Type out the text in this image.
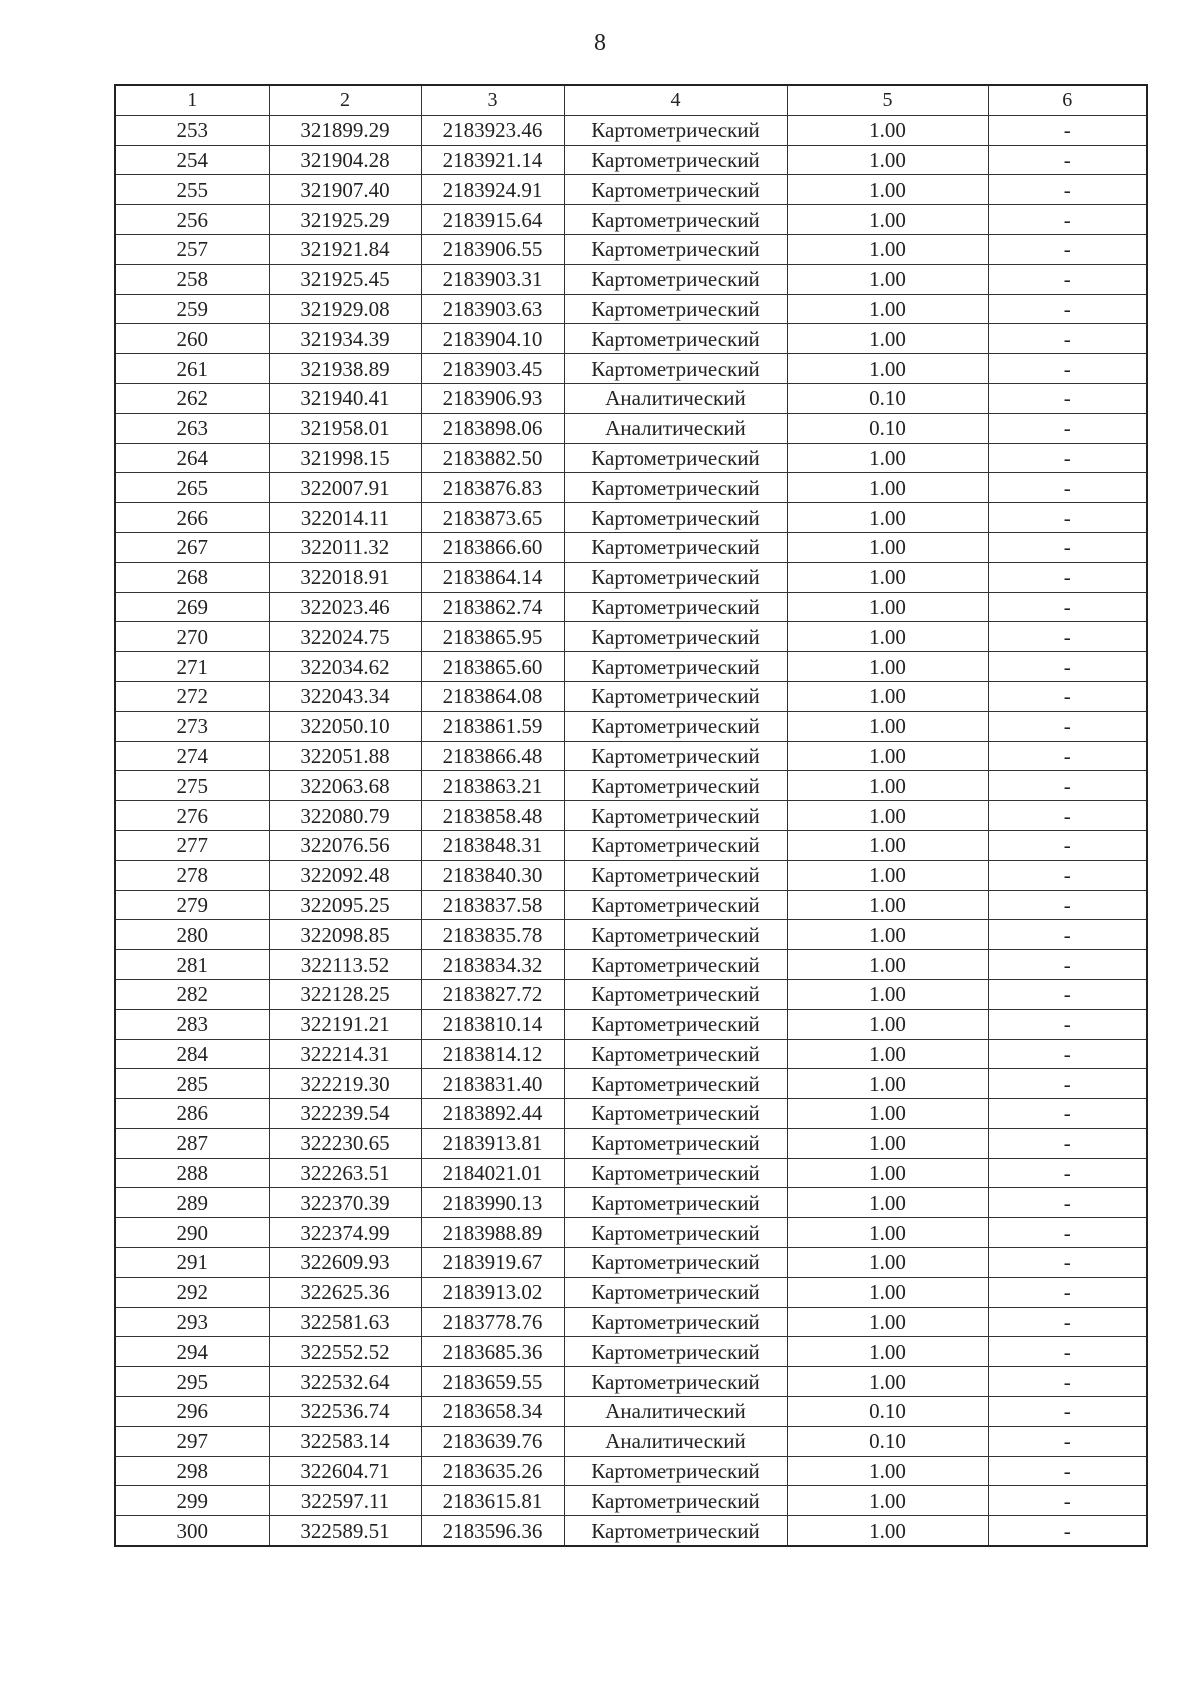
8
1	2	3	4	5	6
253	321899.29	2183923.46	Картометрический	1.00	-
254	321904.28	2183921.14	Картометрический	1.00	-
255	321907.40	2183924.91	Картометрический	1.00	-
256	321925.29	2183915.64	Картометрический	1.00	-
257	321921.84	2183906.55	Картометрический	1.00	-
258	321925.45	2183903.31	Картометрический	1.00	-
259	321929.08	2183903.63	Картометрический	1.00	-
260	321934.39	2183904.10	Картометрический	1.00	-
261	321938.89	2183903.45	Картометрический	1.00	-
262	321940.41	2183906.93	Аналитический	0.10	-
263	321958.01	2183898.06	Аналитический	0.10	-
264	321998.15	2183882.50	Картометрический	1.00	-
265	322007.91	2183876.83	Картометрический	1.00	-
266	322014.11	2183873.65	Картометрический	1.00	-
267	322011.32	2183866.60	Картометрический	1.00	-
268	322018.91	2183864.14	Картометрический	1.00	-
269	322023.46	2183862.74	Картометрический	1.00	-
270	322024.75	2183865.95	Картометрический	1.00	-
271	322034.62	2183865.60	Картометрический	1.00	-
272	322043.34	2183864.08	Картометрический	1.00	-
273	322050.10	2183861.59	Картометрический	1.00	-
274	322051.88	2183866.48	Картометрический	1.00	-
275	322063.68	2183863.21	Картометрический	1.00	-
276	322080.79	2183858.48	Картометрический	1.00	-
277	322076.56	2183848.31	Картометрический	1.00	-
278	322092.48	2183840.30	Картометрический	1.00	-
279	322095.25	2183837.58	Картометрический	1.00	-
280	322098.85	2183835.78	Картометрический	1.00	-
281	322113.52	2183834.32	Картометрический	1.00	-
282	322128.25	2183827.72	Картометрический	1.00	-
283	322191.21	2183810.14	Картометрический	1.00	-
284	322214.31	2183814.12	Картометрический	1.00	-
285	322219.30	2183831.40	Картометрический	1.00	-
286	322239.54	2183892.44	Картометрический	1.00	-
287	322230.65	2183913.81	Картометрический	1.00	-
288	322263.51	2184021.01	Картометрический	1.00	-
289	322370.39	2183990.13	Картометрический	1.00	-
290	322374.99	2183988.89	Картометрический	1.00	-
291	322609.93	2183919.67	Картометрический	1.00	-
292	322625.36	2183913.02	Картометрический	1.00	-
293	322581.63	2183778.76	Картометрический	1.00	-
294	322552.52	2183685.36	Картометрический	1.00	-
295	322532.64	2183659.55	Картометрический	1.00	-
296	322536.74	2183658.34	Аналитический	0.10	-
297	322583.14	2183639.76	Аналитический	0.10	-
298	322604.71	2183635.26	Картометрический	1.00	-
299	322597.11	2183615.81	Картометрический	1.00	-
300	322589.51	2183596.36	Картометрический	1.00	-
